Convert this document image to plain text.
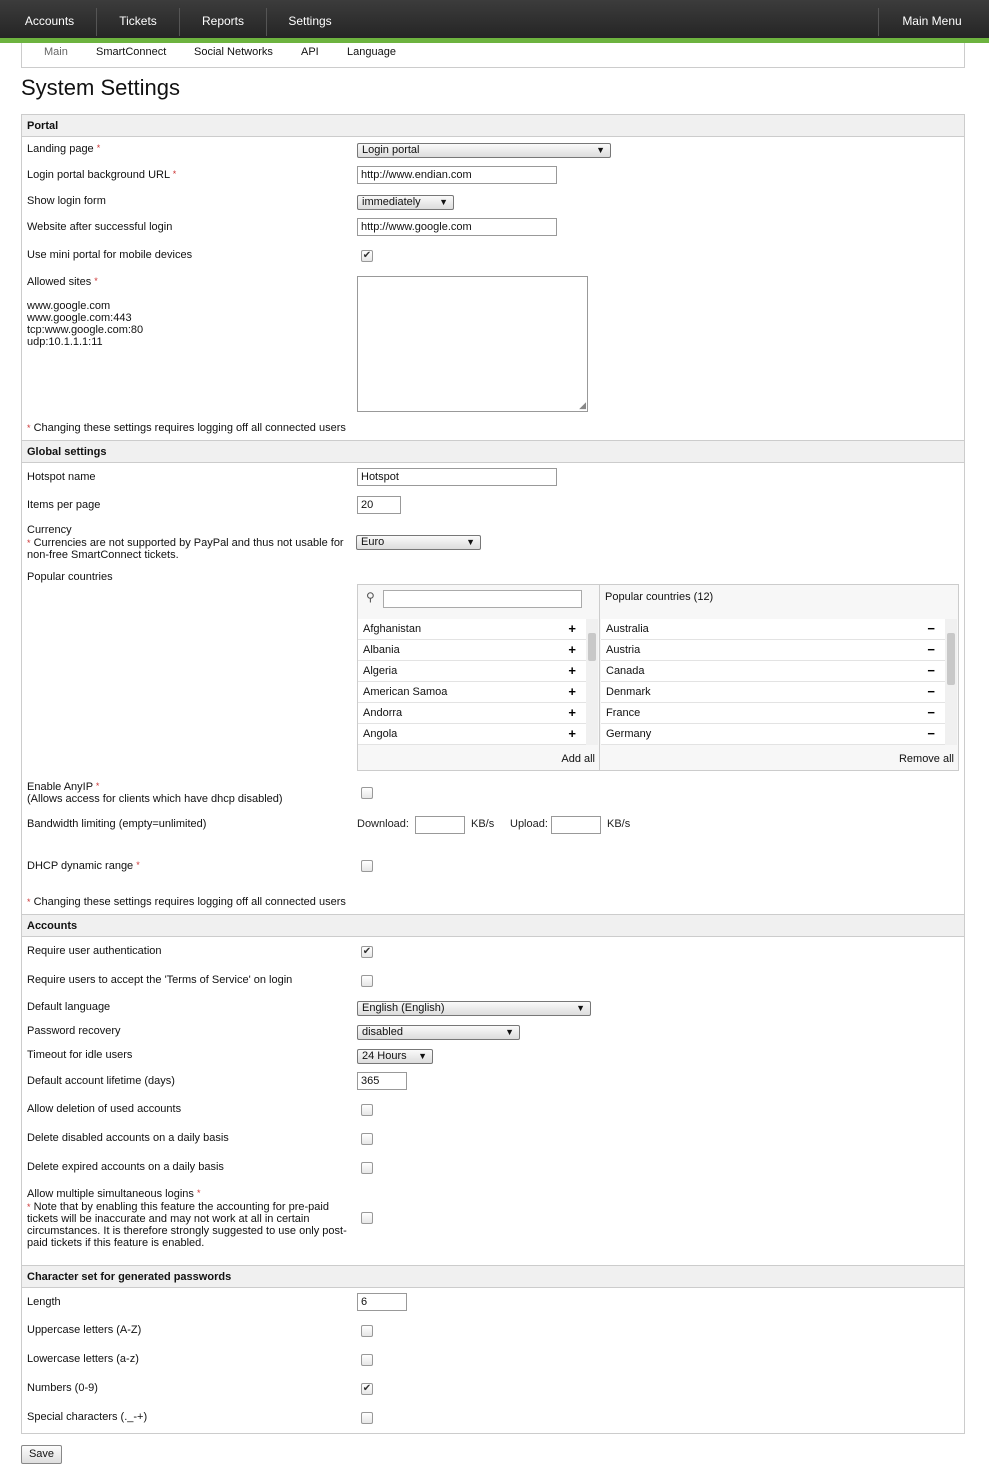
Accounts	Tickets	Reports	Settings	Main Menu
Main	SmartConnect	Social Networks	API	Language
System Settings
Portal
Landing page *	Login portal	▼
Login portal background URL *	http://www.endian.com
Show login form	immediately ▼
Website after successful login	http://www.google.com
Use mini portal for mobile devices	✔
Allowed sites *
www.google.com
www.google.com:443
tcp:www.google.com:80
udp:10.1.1.1:11
◢
* Changing these settings requires logging off all connected users
Global settings
Hotspot name	Hotspot
Items per page	20
Currency
* Currencies are not supported by PayPal and thus not usable for non-free SmartConnect tickets.
Euro	▼
Popular countries
⚲
Afghanistan	+
Albania	+
Algeria	+
American Samoa	+
Andorra	+
Angola	+
Add all
Popular countries (12)
Australia	−
Austria	−
Canada	−
Denmark	−
France	−
Germany	−
Remove all
Enable AnyIP *
(Allows access for clients which have dhcp disabled)
Bandwidth limiting (empty=unlimited)	Download:	KB/s Upload:	KB/s
DHCP dynamic range *
* Changing these settings requires logging off all connected users
Accounts
Require user authentication	✔
Require users to accept the 'Terms of Service' on login
Default language	English (English)	▼
Password recovery	disabled	▼
Timeout for idle users	24 Hours ▼
Default account lifetime (days)	365
Allow deletion of used accounts
Delete disabled accounts on a daily basis
Delete expired accounts on a daily basis
Allow multiple simultaneous logins *
* Note that by enabling this feature the accounting for pre-paid tickets will be inaccurate and may not work at all in certain circumstances. It is therefore strongly suggested to use only post-paid tickets if this feature is enabled.
Character set for generated passwords
Length	6
Uppercase letters (A-Z)
Lowercase letters (a-z)
Numbers (0-9)	✔
Special characters (._-+)
Save
